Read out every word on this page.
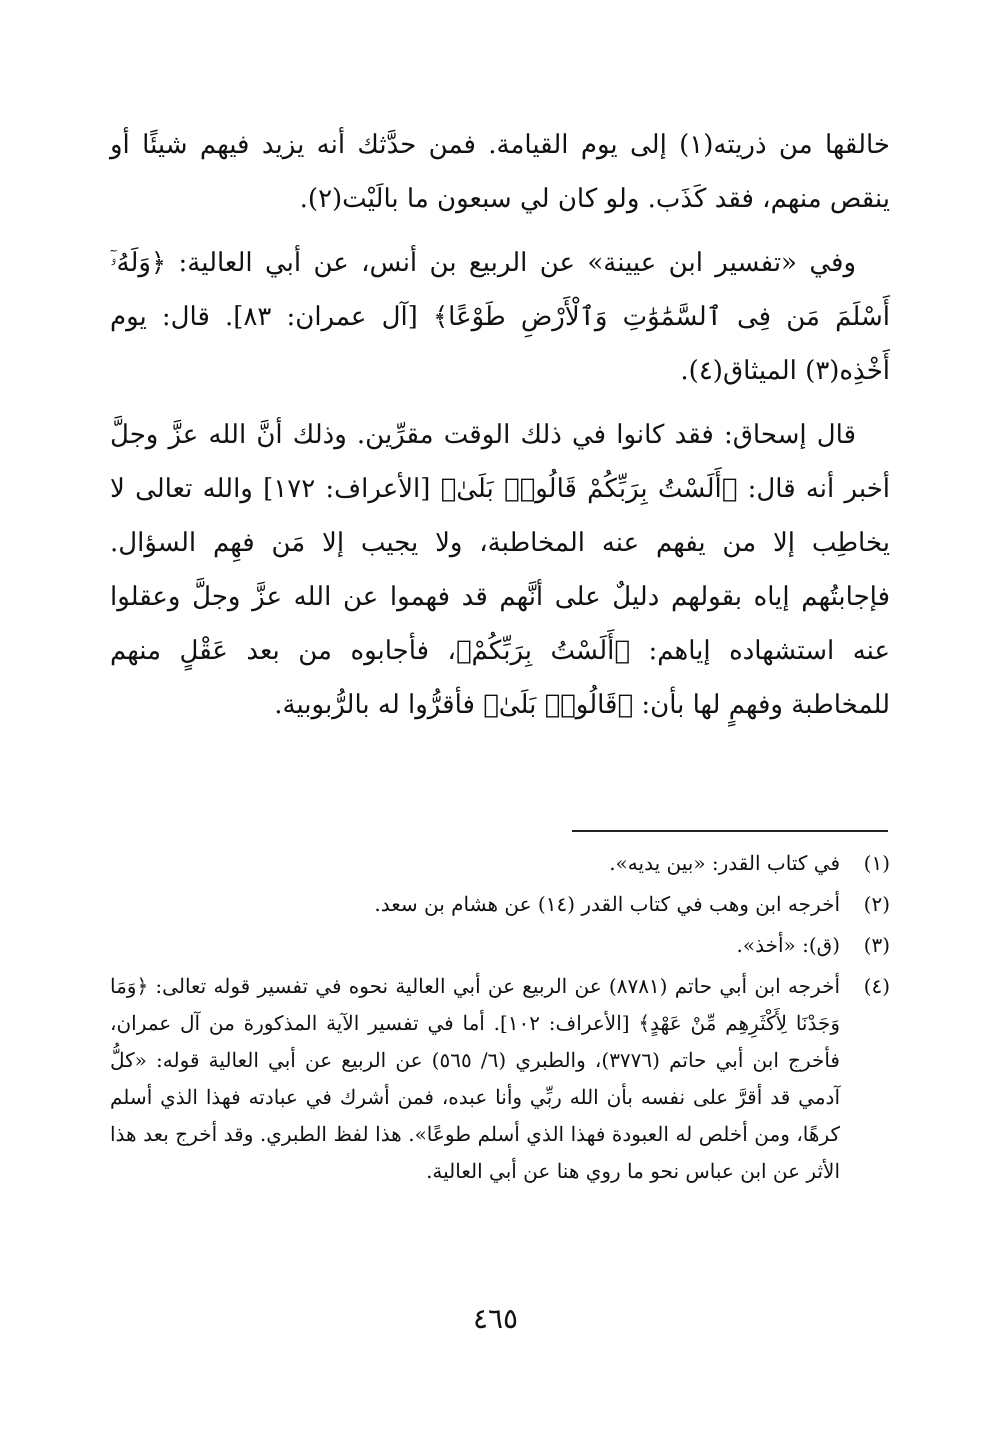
خالقها من ذريته(١) إلى يوم القيامة. فمن حدَّثك أنه يزيد فيهم شيئًا أو ينقص منهم، فقد كَذَب. ولو كان لي سبعون ما بالَيْت(٢).

وفي «تفسير ابن عيينة» عن الربيع بن أنس، عن أبي العالية: ﴿وَلَهُۥٓ أَسْلَمَ مَن فِى ٱلسَّمَٰوَٰتِ وَٱلْأَرْضِ طَوْعًا﴾ [آل عمران: ٨٣]. قال: يوم أَخْذِه(٣) الميثاق(٤).

قال إسحاق: فقد كانوا في ذلك الوقت مقرِّين. وذلك أنَّ الله عزَّ وجلَّ أخبر أنه قال: ﴿أَلَسْتُ بِرَبِّكُمْ قَالُوا۟ بَلَىٰ﴾ [الأعراف: ١٧٢] والله تعالى لا يخاطِب إلا من يفهم عنه المخاطبة، ولا يجيب إلا مَن فهِم السؤال. فإجابتُهم إياه بقولهم دليلٌ على أنَّهم قد فهموا عن الله عزَّ وجلَّ وعقلوا عنه استشهاده إياهم: ﴿أَلَسْتُ بِرَبِّكُمْ﴾، فأجابوه من بعد عَقْلٍ منهم للمخاطبة وفهمٍ لها بأن: ﴿قَالُوا۟ بَلَىٰ﴾ فأقرُّوا له بالرُّبوبية.

(١)
في كتاب القدر: «بين يديه».
(٢)
أخرجه ابن وهب في كتاب القدر (١٤) عن هشام بن سعد.
(٣)
(ق): «أخذ».
(٤)
أخرجه ابن أبي حاتم (٨٧٨١) عن الربيع عن أبي العالية نحوه في تفسير قوله تعالى: ﴿وَمَا وَجَدْنَا لِأَكْثَرِهِم مِّنْ عَهْدٍ﴾ [الأعراف: ١٠٢]. أما في تفسير الآية المذكورة من آل عمران، فأخرج ابن أبي حاتم (٣٧٧٦)، والطبري (٦/ ٥٦٥) عن الربيع عن أبي العالية قوله: «كلُّ آدمي قد أقرَّ على نفسه بأن الله ربِّي وأنا عبده، فمن أشرك في عبادته فهذا الذي أسلم كرهًا، ومن أخلص له العبودة فهذا الذي أسلم طوعًا». هذا لفظ الطبري. وقد أخرج بعد هذا الأثر عن ابن عباس نحو ما روي هنا عن أبي العالية.
٤٦٥
